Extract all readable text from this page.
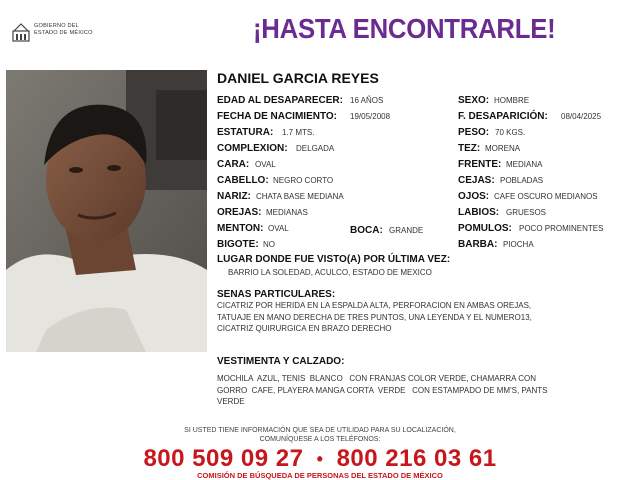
GOBIERNO DEL
ESTADO DE MÉXICO	¡HASTA ENCONTRARLE!
DANIEL GARCIA REYES
EDAD AL DESAPARECER: 16 AÑOS
FECHA DE NACIMIENTO: 19/05/2008
ESTATURA: 1.7 MTS.
COMPLEXION: DELGADA
CARA: OVAL
CABELLO: NEGRO CORTO
NARIZ: CHATA BASE MEDIANA
OREJAS: MEDIANAS
MENTON: OVAL	BOCA: GRANDE
BIGOTE: NO
SEXO: HOMBRE
F. DESAPARICIÓN: 08/04/2025
PESO: 70 KGS.
TEZ: MORENA
FRENTE: MEDIANA
CEJAS: POBLADAS
OJOS: CAFE OSCURO MEDIANOS
LABIOS: GRUESOS
POMULOS: POCO PROMINENTES
BARBA: PIOCHA
LUGAR DONDE FUE VISTO(A) POR ÚLTIMA VEZ:
BARRIO LA SOLEDAD, ACULCO, ESTADO DE MEXICO
SENAS PARTICULARES:
CICATRIZ POR HERIDA EN LA ESPALDA ALTA, PERFORACION EN AMBAS OREJAS,
TATUAJE EN MANO DERECHA DE TRES PUNTOS, UNA LEYENDA Y EL NUMERO13,
CICATRIZ QUIRURGICA EN BRAZO DERECHO
VESTIMENTA Y CALZADO:
MOCHILA  AZUL, TENIS  BLANCO   CON FRANJAS COLOR VERDE, CHAMARRA CON
GORRO  CAFE, PLAYERA MANGA CORTA  VERDE   CON ESTAMPADO DE MM'S, PANTS
VERDE
SI USTED TIENE INFORMACIÓN QUE SEA DE UTILIDAD PARA SU LOCALIZACIÓN,
COMUNÍQUESE A LOS TELÉFONOS:
800 509 09 27 • 800 216 03 61
COMISIÓN DE BÚSQUEDA DE PERSONAS DEL ESTADO DE MÉXICO
